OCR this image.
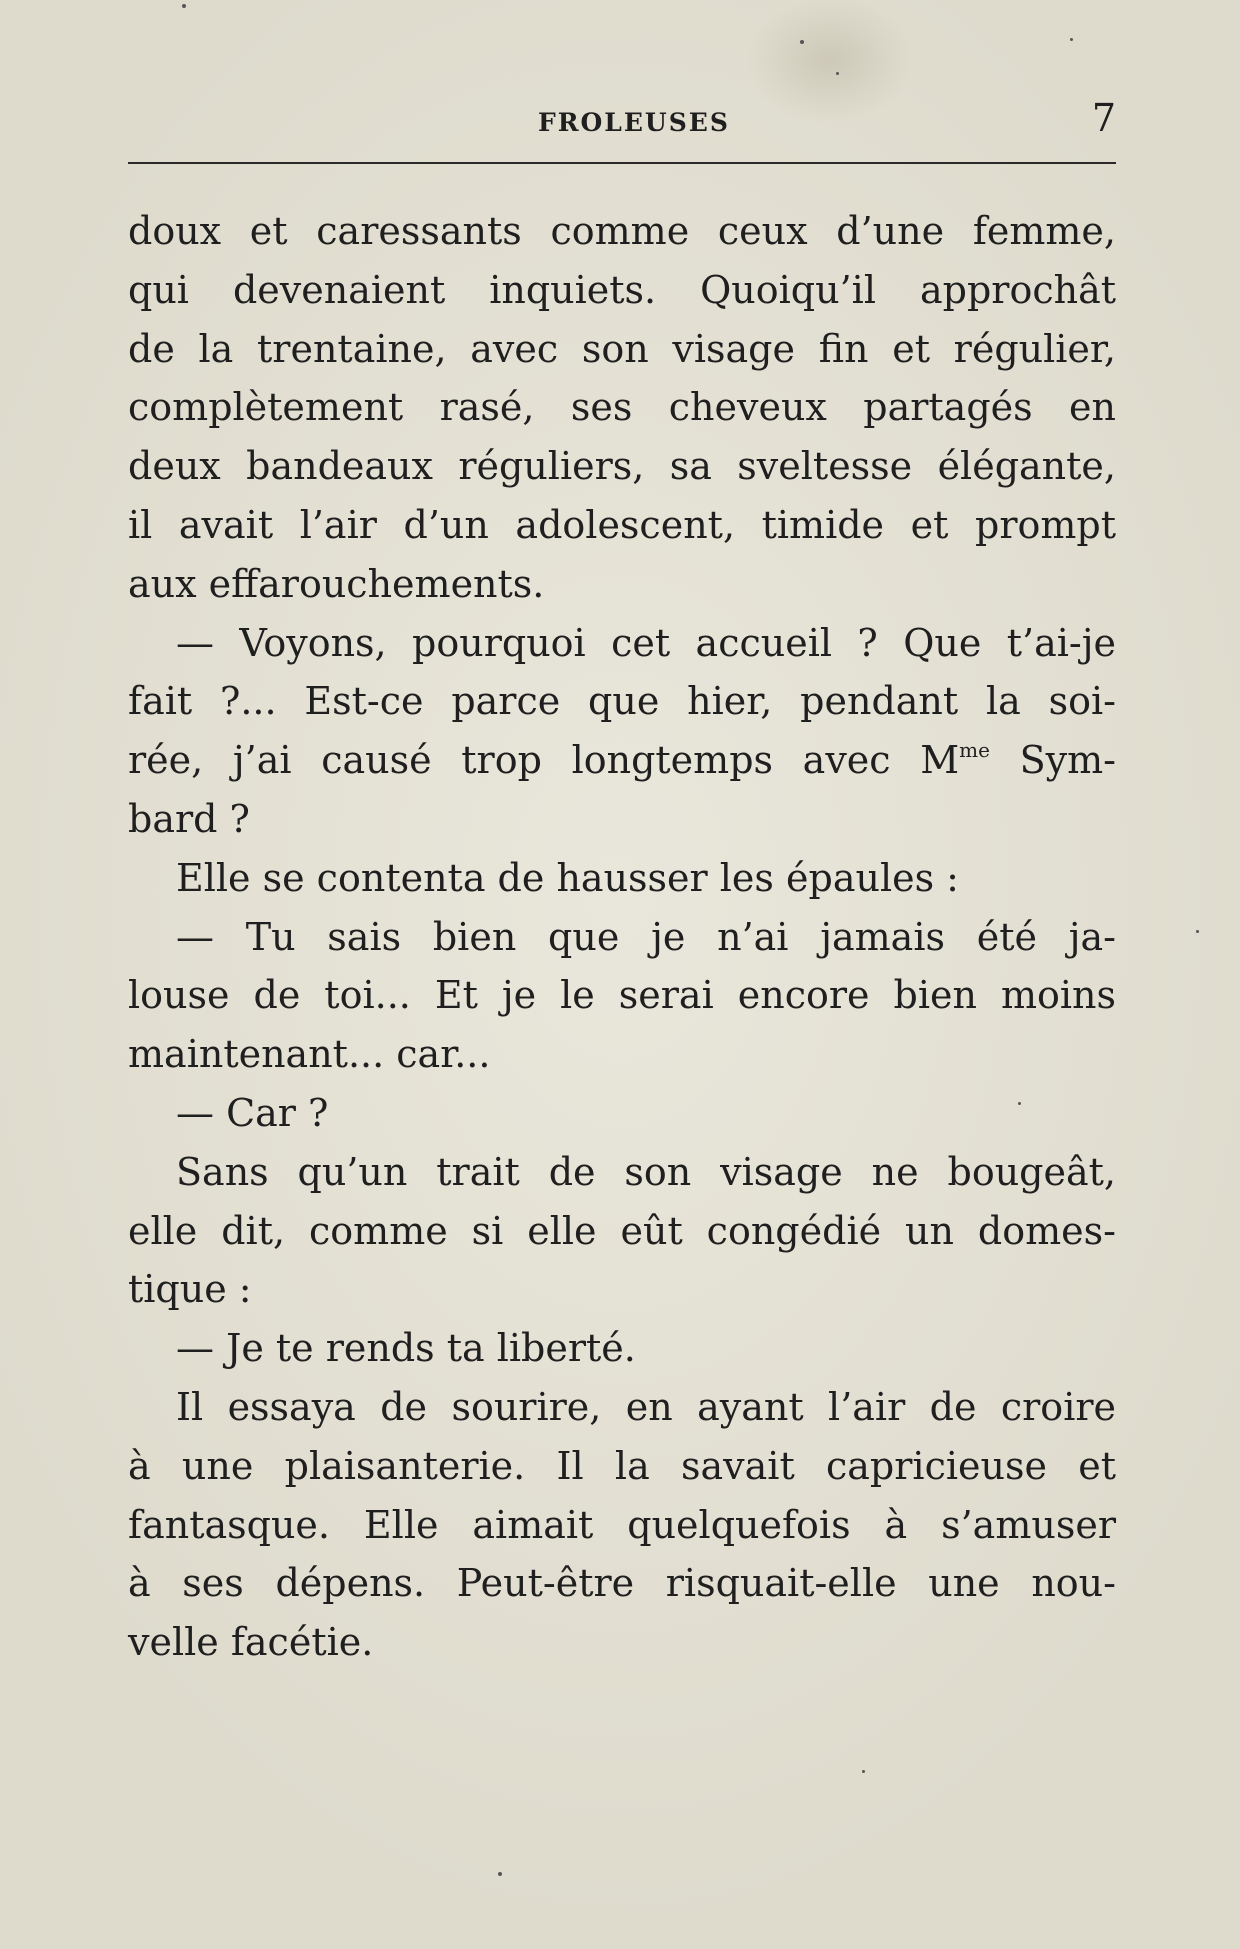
FROLEUSES	7
doux et caressants comme ceux d’une femme,
qui devenaient inquiets. Quoiqu’il approchât
de la trentaine, avec son visage fin et régulier,
complètement rasé, ses cheveux partagés en
deux bandeaux réguliers, sa sveltesse élégante,
il avait l’air d’un adolescent, timide et prompt
aux effarouchements.
— Voyons, pourquoi cet accueil ? Que t’ai-je
fait ?... Est-ce parce que hier, pendant la soi-
rée, j’ai causé trop longtemps avec $M^{me}$ Sym-
bard ?
Elle se contenta de hausser les épaules :
— Tu sais bien que je n’ai jamais été ja-
louse de toi... Et je le serai encore bien moins
maintenant... car...
— Car ?
Sans qu’un trait de son visage ne bougeât,
elle dit, comme si elle eût congédié un domes-
tique :
— Je te rends ta liberté.
Il essaya de sourire, en ayant l’air de croire
à une plaisanterie. Il la savait capricieuse et
fantasque. Elle aimait quelquefois à s’amuser
à ses dépens. Peut-être risquait-elle une nou-
velle facétie.
